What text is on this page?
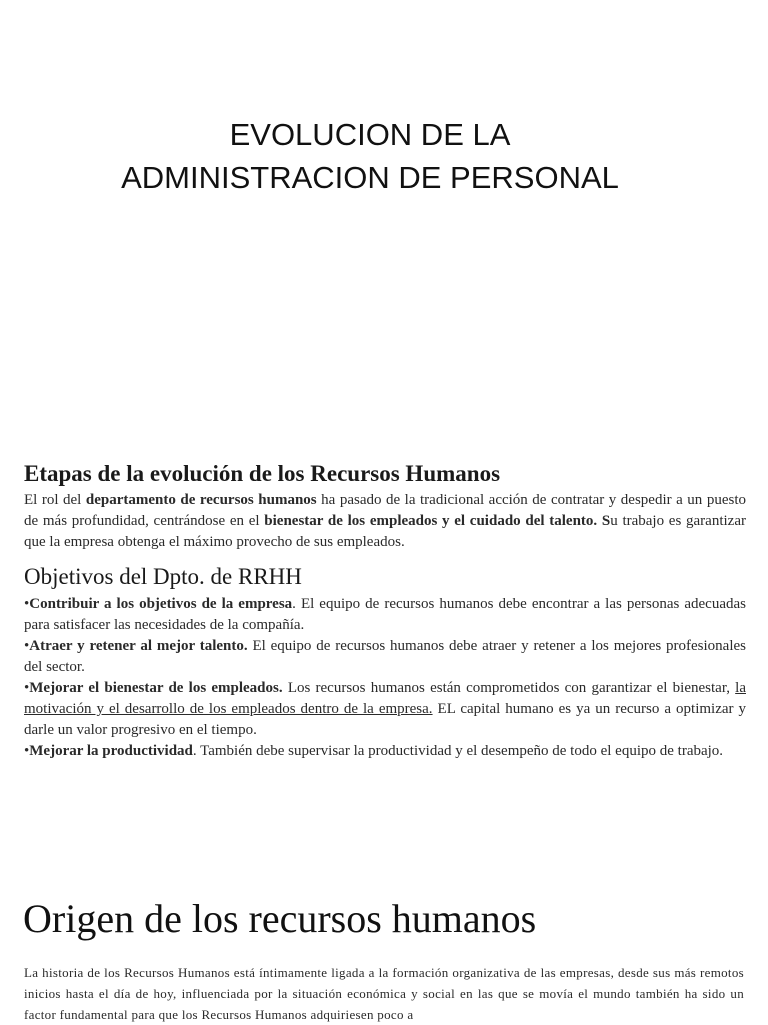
EVOLUCION DE LA
ADMINISTRACION DE PERSONAL
Etapas de la evolución de los Recursos Humanos

El rol del departamento de recursos humanos ha pasado de la tradicional acción de contratar y despedir a un puesto de más profundidad, centrándose en el bienestar de los empleados y el cuidado del talento. Su trabajo es garantizar que la empresa obtenga el máximo provecho de sus empleados.

Objetivos del Dpto. de RRHH

•Contribuir a los objetivos de la empresa. El equipo de recursos humanos debe encontrar a las personas adecuadas para satisfacer las necesidades de la compañía.

•Atraer y retener al mejor talento. El equipo de recursos humanos debe atraer y retener a los mejores profesionales del sector.

•Mejorar el bienestar de los empleados. Los recursos humanos están comprometidos con garantizar el bienestar, la motivación y el desarrollo de los empleados dentro de la empresa. EL capital humano es ya un recurso a optimizar y darle un valor progresivo en el tiempo.

•Mejorar la productividad. También debe supervisar la productividad y el desempeño de todo el equipo de trabajo.

Origen de los recursos humanos

La historia de los Recursos Humanos está íntimamente ligada a la formación organizativa de las empresas, desde sus más remotos inicios hasta el día de hoy, influenciada por la situación económica y social en las que se movía el mundo también ha sido un factor fundamental para que los Recursos Humanos adquiriesen poco a
